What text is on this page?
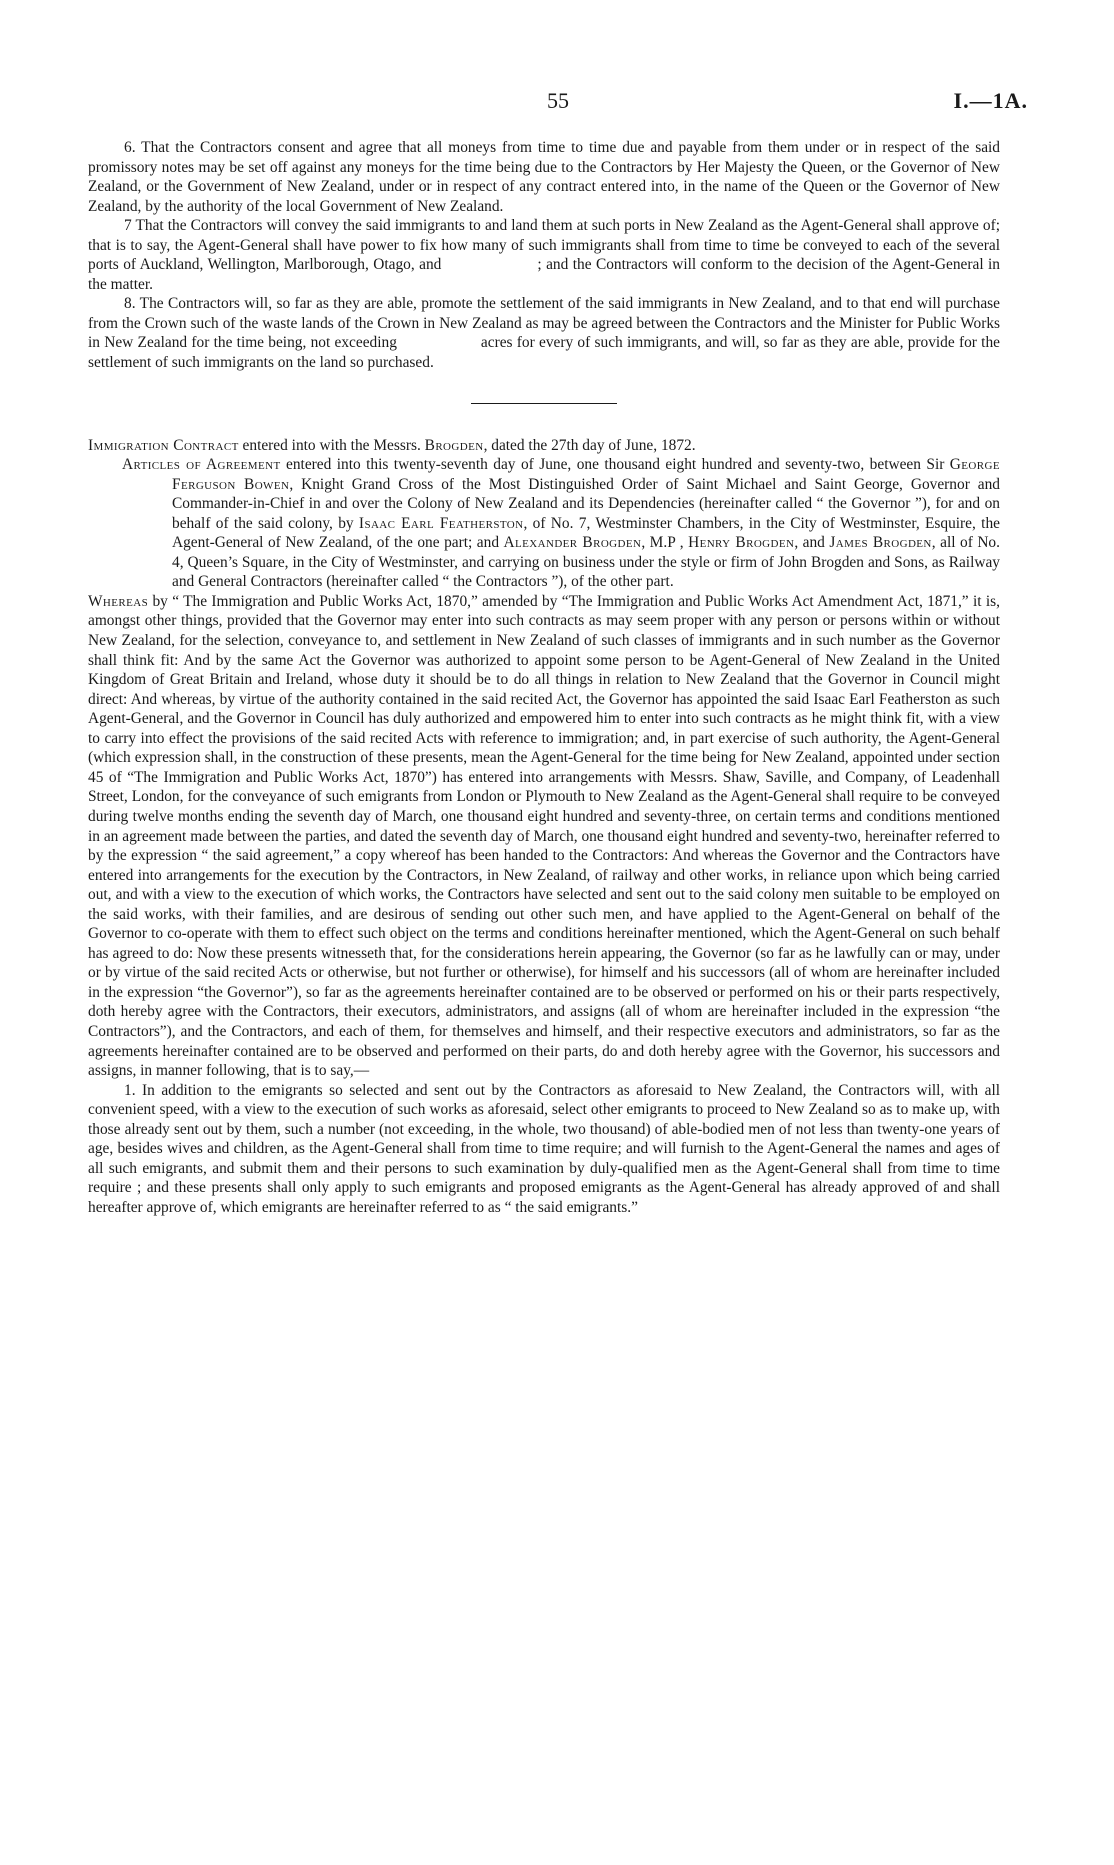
55	I.—1A.

6. That the Contractors consent and agree that all moneys from time to time due and payable from them under or in respect of the said promissory notes may be set off against any moneys for the time being due to the Contractors by Her Majesty the Queen, or the Governor of New Zealand, or the Government of New Zealand, under or in respect of any contract entered into, in the name of the Queen or the Governor of New Zealand, by the authority of the local Government of New Zealand.

7 That the Contractors will convey the said immigrants to and land them at such ports in New Zealand as the Agent-General shall approve of; that is to say, the Agent-General shall have power to fix how many of such immigrants shall from time to time be conveyed to each of the several ports of Auckland, Wellington, Marlborough, Otago, and	; and the Contractors will conform to the decision of the Agent-General in the matter.

8. The Contractors will, so far as they are able, promote the settlement of the said immigrants in New Zealand, and to that end will purchase from the Crown such of the waste lands of the Crown in New Zealand as may be agreed between the Contractors and the Minister for Public Works in New Zealand for the time being, not exceeding	acres for every of such immigrants, and will, so far as they are able, provide for the settlement of such immigrants on the land so purchased.

Immigration Contract entered into with the Messrs. Brogden, dated the 27th day of June, 1872.

Articles of Agreement entered into this twenty-seventh day of June, one thousand eight hundred and seventy-two, between Sir George Ferguson Bowen, Knight Grand Cross of the Most Distinguished Order of Saint Michael and Saint George, Governor and Commander-in-Chief in and over the Colony of New Zealand and its Dependencies (hereinafter called “ the Governor ”), for and on behalf of the said colony, by Isaac Earl Featherston, of No. 7, Westminster Chambers, in the City of Westminster, Esquire, the Agent-General of New Zealand, of the one part; and Alexander Brogden, M.P , Henry Brogden, and James Brogden, all of No. 4, Queen’s Square, in the City of Westminster, and carrying on business under the style or firm of John Brogden and Sons, as Railway and General Contractors (hereinafter called “ the Contractors ”), of the other part.

Whereas by “ The Immigration and Public Works Act, 1870,” amended by “The Immigration and Public Works Act Amendment Act, 1871,” it is, amongst other things, provided that the Governor may enter into such contracts as may seem proper with any person or persons within or without New Zealand, for the selection, conveyance to, and settlement in New Zealand of such classes of immigrants and in such number as the Governor shall think fit: And by the same Act the Governor was authorized to appoint some person to be Agent-General of New Zealand in the United Kingdom of Great Britain and Ireland, whose duty it should be to do all things in relation to New Zealand that the Governor in Council might direct: And whereas, by virtue of the authority contained in the said recited Act, the Governor has appointed the said Isaac Earl Featherston as such Agent-General, and the Governor in Council has duly authorized and empowered him to enter into such contracts as he might think fit, with a view to carry into effect the provisions of the said recited Acts with reference to immigration; and, in part exercise of such authority, the Agent-General (which expression shall, in the construction of these presents, mean the Agent-General for the time being for New Zealand, appointed under section 45 of “The Immigration and Public Works Act, 1870”) has entered into arrangements with Messrs. Shaw, Saville, and Company, of Leadenhall Street, London, for the conveyance of such emigrants from London or Plymouth to New Zealand as the Agent-General shall require to be conveyed during twelve months ending the seventh day of March, one thousand eight hundred and seventy-three, on certain terms and conditions mentioned in an agreement made between the parties, and dated the seventh day of March, one thousand eight hundred and seventy-two, hereinafter referred to by the expression “ the said agreement,” a copy whereof has been handed to the Contractors: And whereas the Governor and the Contractors have entered into arrangements for the execution by the Contractors, in New Zealand, of railway and other works, in reliance upon which being carried out, and with a view to the execution of which works, the Contractors have selected and sent out to the said colony men suitable to be employed on the said works, with their families, and are desirous of sending out other such men, and have applied to the Agent-General on behalf of the Governor to co-operate with them to effect such object on the terms and conditions hereinafter mentioned, which the Agent-General on such behalf has agreed to do: Now these presents witnesseth that, for the considerations herein appearing, the Governor (so far as he lawfully can or may, under or by virtue of the said recited Acts or otherwise, but not further or otherwise), for himself and his successors (all of whom are hereinafter included in the expression “the Governor”), so far as the agreements hereinafter contained are to be observed or performed on his or their parts respectively, doth hereby agree with the Contractors, their executors, administrators, and assigns (all of whom are hereinafter included in the expression “the Contractors”), and the Contractors, and each of them, for themselves and himself, and their respective executors and administrators, so far as the agreements hereinafter contained are to be observed and performed on their parts, do and doth hereby agree with the Governor, his successors and assigns, in manner following, that is to say,—

1. In addition to the emigrants so selected and sent out by the Contractors as aforesaid to New Zealand, the Contractors will, with all convenient speed, with a view to the execution of such works as aforesaid, select other emigrants to proceed to New Zealand so as to make up, with those already sent out by them, such a number (not exceeding, in the whole, two thousand) of able-bodied men of not less than twenty-one years of age, besides wives and children, as the Agent-General shall from time to time require; and will furnish to the Agent-General the names and ages of all such emigrants, and submit them and their persons to such examination by duly-qualified men as the Agent-General shall from time to time require ; and these presents shall only apply to such emigrants and proposed emigrants as the Agent-General has already approved of and shall hereafter approve of, which emigrants are hereinafter referred to as “ the said emigrants.”
